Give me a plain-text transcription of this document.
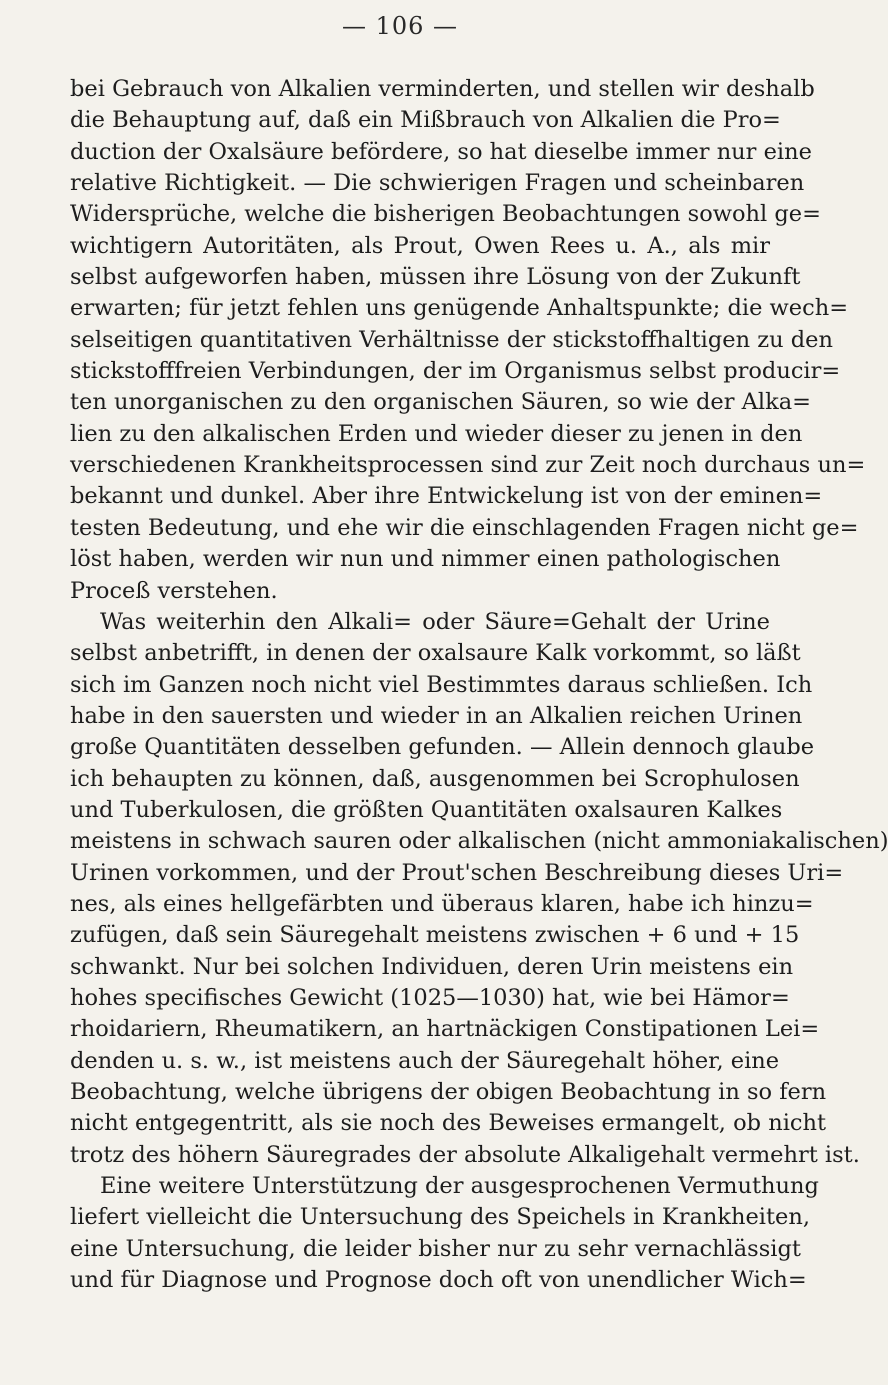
— 106 —
bei Gebrauch von Alkalien verminderten, und stellen wir deshalb
die Behauptung auf, daß ein Mißbrauch von Alkalien die Pro=
duction der Oxalsäure befördere, so hat dieselbe immer nur eine
relative Richtigkeit. — Die schwierigen Fragen und scheinbaren
Widersprüche, welche die bisherigen Beobachtungen sowohl ge=
wichtigern Autoritäten, als Prout, Owen Rees u. A., als mir
selbst aufgeworfen haben, müssen ihre Lösung von der Zukunft
erwarten; für jetzt fehlen uns genügende Anhaltspunkte; die wech=
selseitigen quantitativen Verhältnisse der stickstoffhaltigen zu den
stickstofffreien Verbindungen, der im Organismus selbst producir=
ten unorganischen zu den organischen Säuren, so wie der Alka=
lien zu den alkalischen Erden und wieder dieser zu jenen in den
verschiedenen Krankheitsprocessen sind zur Zeit noch durchaus un=
bekannt und dunkel. Aber ihre Entwickelung ist von der eminen=
testen Bedeutung, und ehe wir die einschlagenden Fragen nicht ge=
löst haben, werden wir nun und nimmer einen pathologischen
Proceß verstehen.
Was weiterhin den Alkali= oder Säure=Gehalt der Urine
selbst anbetrifft, in denen der oxalsaure Kalk vorkommt, so läßt
sich im Ganzen noch nicht viel Bestimmtes daraus schließen. Ich
habe in den sauersten und wieder in an Alkalien reichen Urinen
große Quantitäten desselben gefunden. — Allein dennoch glaube
ich behaupten zu können, daß, ausgenommen bei Scrophulosen
und Tuberkulosen, die größten Quantitäten oxalsauren Kalkes
meistens in schwach sauren oder alkalischen (nicht ammoniakalischen)
Urinen vorkommen, und der Prout'schen Beschreibung dieses Uri=
nes, als eines hellgefärbten und überaus klaren, habe ich hinzu=
zufügen, daß sein Säuregehalt meistens zwischen + 6 und + 15
schwankt. Nur bei solchen Individuen, deren Urin meistens ein
hohes specifisches Gewicht (1025—1030) hat, wie bei Hämor=
rhoidariern, Rheumatikern, an hartnäckigen Constipationen Lei=
denden u. s. w., ist meistens auch der Säuregehalt höher, eine
Beobachtung, welche übrigens der obigen Beobachtung in so fern
nicht entgegentritt, als sie noch des Beweises ermangelt, ob nicht
trotz des höhern Säuregrades der absolute Alkaligehalt vermehrt ist.
Eine weitere Unterstützung der ausgesprochenen Vermuthung
liefert vielleicht die Untersuchung des Speichels in Krankheiten,
eine Untersuchung, die leider bisher nur zu sehr vernachlässigt
und für Diagnose und Prognose doch oft von unendlicher Wich=
